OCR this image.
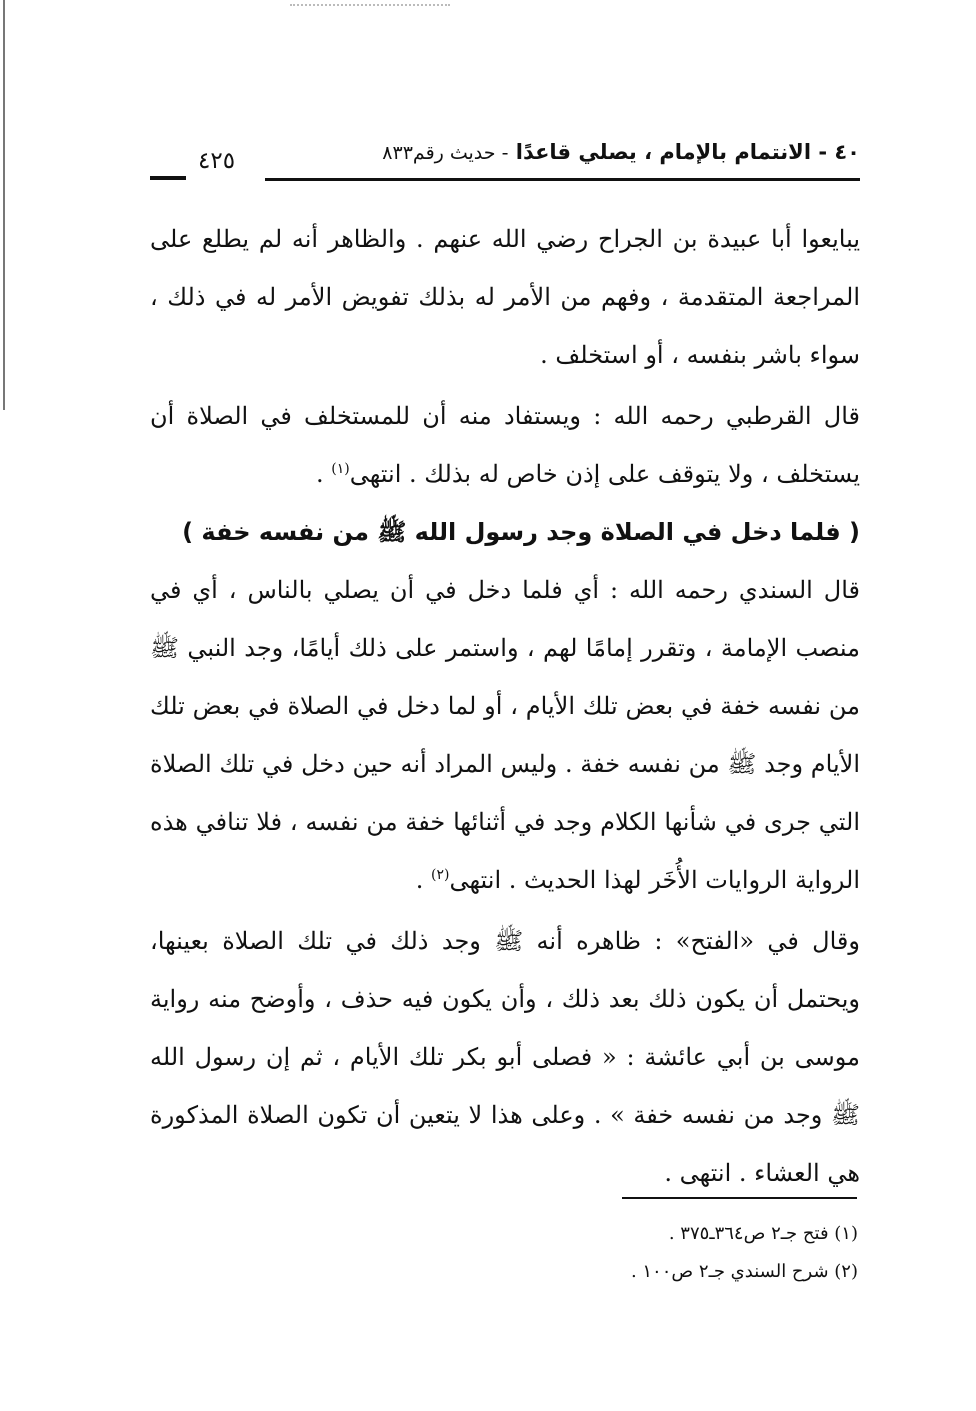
٤٠ - الانتمام بالإمام ، يصلي قاعدًا - حديث رقم٨٣٣
٤٢٥

يبايعوا أبا عبيدة بن الجراح رضي الله عنهم . والظاهر أنه لم يطلع على المراجعة المتقدمة ، وفهم من الأمر له بذلك تفويض الأمر له في ذلك ، سواء باشر بنفسه ، أو استخلف .

قال القرطبي رحمه الله : ويستفاد منه أن للمستخلف في الصلاة أن يستخلف ، ولا يتوقف على إذن خاص له بذلك . انتهى$^{(١)}$ .

( فلما دخل في الصلاة وجد رسول الله ﷺ من نفسه خفة )

قال السندي رحمه الله : أي فلما دخل في أن يصلي بالناس ، أي في منصب الإمامة ، وتقرر إمامًا لهم ، واستمر على ذلك أيامًا، وجد النبي ﷺ من نفسه خفة في بعض تلك الأيام ، أو لما دخل في الصلاة في بعض تلك الأيام وجد ﷺ من نفسه خفة . وليس المراد أنه حين دخل في تلك الصلاة التي جرى في شأنها الكلام وجد في أثنائها خفة من نفسه ، فلا تنافي هذه الرواية الروايات الأُخَر لهذا الحديث . انتهى$^{(٢)}$ .

وقال في «الفتح» : ظاهره أنه ﷺ وجد ذلك في تلك الصلاة بعينها، ويحتمل أن يكون ذلك بعد ذلك ، وأن يكون فيه حذف ، وأوضح منه رواية موسى بن أبي عائشة : « فصلى أبو بكر تلك الأيام ، ثم إن رسول الله ﷺ وجد من نفسه خفة » . وعلى هذا لا يتعين أن تكون الصلاة المذكورة هي العشاء . انتهى .

(١) فتح جـ٢ ص٣٦٤ـ٣٧٥ .
(٢) شرح السندي جـ٢ ص١٠٠ .
